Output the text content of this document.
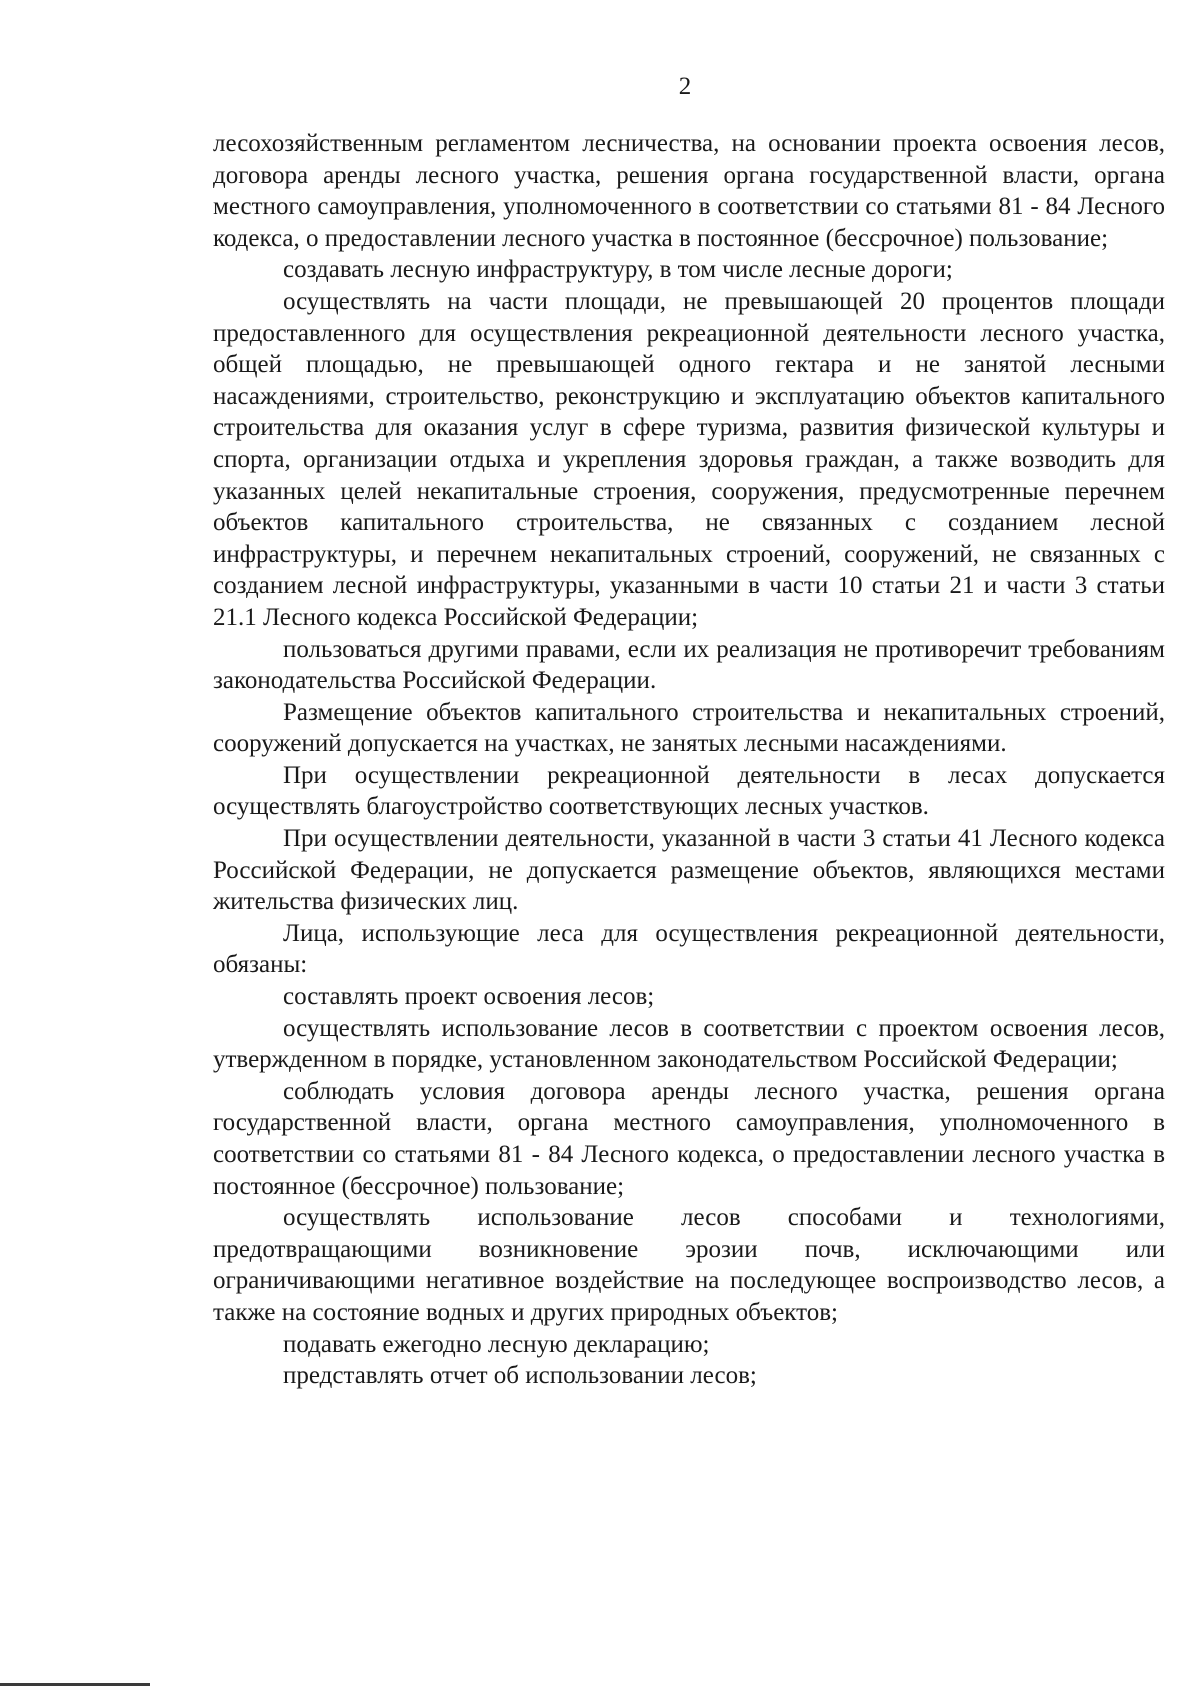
2

лесохозяйственным регламентом лесничества, на основании проекта освоения лесов, договора аренды лесного участка, решения органа государственной власти, органа местного самоуправления, уполномоченного в соответствии со статьями 81 - 84 Лесного кодекса, о предоставлении лесного участка в постоянное (бессрочное) пользование;

создавать лесную инфраструктуру, в том числе лесные дороги;

осуществлять на части площади, не превышающей 20 процентов площади предоставленного для осуществления рекреационной деятельности лесного участка, общей площадью, не превышающей одного гектара и не занятой лесными насаждениями, строительство, реконструкцию и эксплуатацию объектов капитального строительства для оказания услуг в сфере туризма, развития физической культуры и спорта, организации отдыха и укрепления здоровья граждан, а также возводить для указанных целей некапитальные строения, сооружения, предусмотренные перечнем объектов капитального строительства, не связанных с созданием лесной инфраструктуры, и перечнем некапитальных строений, сооружений, не связанных с созданием лесной инфраструктуры, указанными в части 10 статьи 21 и части 3 статьи 21.1 Лесного кодекса Российской Федерации;

пользоваться другими правами, если их реализация не противоречит требованиям законодательства Российской Федерации.

Размещение объектов капитального строительства и некапитальных строений, сооружений допускается на участках, не занятых лесными насаждениями.

При осуществлении рекреационной деятельности в лесах допускается осуществлять благоустройство соответствующих лесных участков.

При осуществлении деятельности, указанной в части 3 статьи 41 Лесного кодекса Российской Федерации, не допускается размещение объектов, являющихся местами жительства физических лиц.

Лица, использующие леса для осуществления рекреационной деятельности, обязаны:

составлять проект освоения лесов;

осуществлять использование лесов в соответствии с проектом освоения лесов, утвержденном в порядке, установленном законодательством Российской Федерации;

соблюдать условия договора аренды лесного участка, решения органа государственной власти, органа местного самоуправления, уполномоченного в соответствии со статьями 81 - 84 Лесного кодекса, о предоставлении лесного участка в постоянное (бессрочное) пользование;

осуществлять использование лесов способами и технологиями, предотвращающими возникновение эрозии почв, исключающими или ограничивающими негативное воздействие на последующее воспроизводство лесов, а также на состояние водных и других природных объектов;

подавать ежегодно лесную декларацию;

представлять отчет об использовании лесов;
